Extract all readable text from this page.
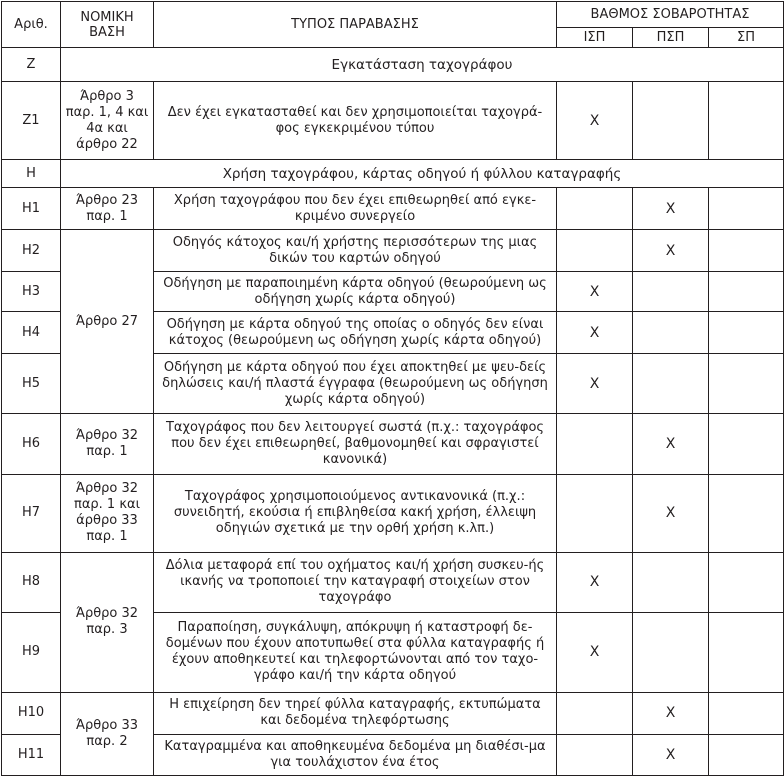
Αριθ.	ΝΟΜΙΚΗ ΒΑΣΗ	ΤΥΠΟΣ ΠΑΡΑΒΑΣΗΣ	ΒΑΘΜΟΣ ΣΟΒΑΡΟΤΗΤΑΣ		
			ΙΣΠ	ΠΣΠ	ΣΠ
Ζ	Εγκατάσταση ταχογράφου				
Ζ1	Άρθρο 3 παρ. 1, 4 και 4α και άρθρο 22	Δεν έχει εγκατασταθεί και δεν χρησιμοποιείται ταχογρά-φος εγκεκριμένου τύπου	X		
Η	Χρήση ταχογράφου, κάρτας οδηγού ή φύλλου καταγραφής				
Η1	Άρθρο 23 παρ. 1	Χρήση ταχογράφου που δεν έχει επιθεωρηθεί από εγκε-κριμένο συνεργείο		X	
Η2	Άρθρο 27	Οδηγός κάτοχος και/ή χρήστης περισσότερων της μιας δικών του καρτών οδηγού		X	
Η3		Οδήγηση με παραποιημένη κάρτα οδηγού (θεωρούμενη ως οδήγηση χωρίς κάρτα οδηγού)	X		
Η4		Οδήγηση με κάρτα οδηγού της οποίας ο οδηγός δεν είναι κάτοχος (θεωρούμενη ως οδήγηση χωρίς κάρτα οδηγού)	X		
Η5		Οδήγηση με κάρτα οδηγού που έχει αποκτηθεί με ψευ-δείς δηλώσεις και/ή πλαστά έγγραφα (θεωρούμενη ως οδήγηση χωρίς κάρτα οδηγού)	X		
Η6	Άρθρο 32 παρ. 1	Ταχογράφος που δεν λειτουργεί σωστά (π.χ.: ταχογράφος που δεν έχει επιθεωρηθεί, βαθμονομηθεί και σφραγιστεί κανονικά)		X	
Η7	Άρθρο 32 παρ. 1 και άρθρο 33 παρ. 1	Ταχογράφος χρησιμοποιούμενος αντικανονικά (π.χ.: συνειδητή, εκούσια ή επιβληθείσα κακή χρήση, έλλειψη οδηγιών σχετικά με την ορθή χρήση κ.λπ.)		X	
Η8	Άρθρο 32 παρ. 3	Δόλια μεταφορά επί του οχήματος και/ή χρήση συσκευ-ής ικανής να τροποποιεί την καταγραφή στοιχείων στον ταχογράφο	X		
Η9		Παραποίηση, συγκάλυψη, απόκρυψη ή καταστροφή δε-δομένων που έχουν αποτυπωθεί στα φύλλα καταγραφής ή έχουν αποθηκευτεί και τηλεφορτώνονται από τον ταχο-γράφο και/ή την κάρτα οδηγού	X		
Η10	Άρθρο 33 παρ. 2	Η επιχείρηση δεν τηρεί φύλλα καταγραφής, εκτυπώματα και δεδομένα τηλεφόρτωσης		X	
Η11		Καταγραμμένα και αποθηκευμένα δεδομένα μη διαθέσι-μα για τουλάχιστον ένα έτος		X	
